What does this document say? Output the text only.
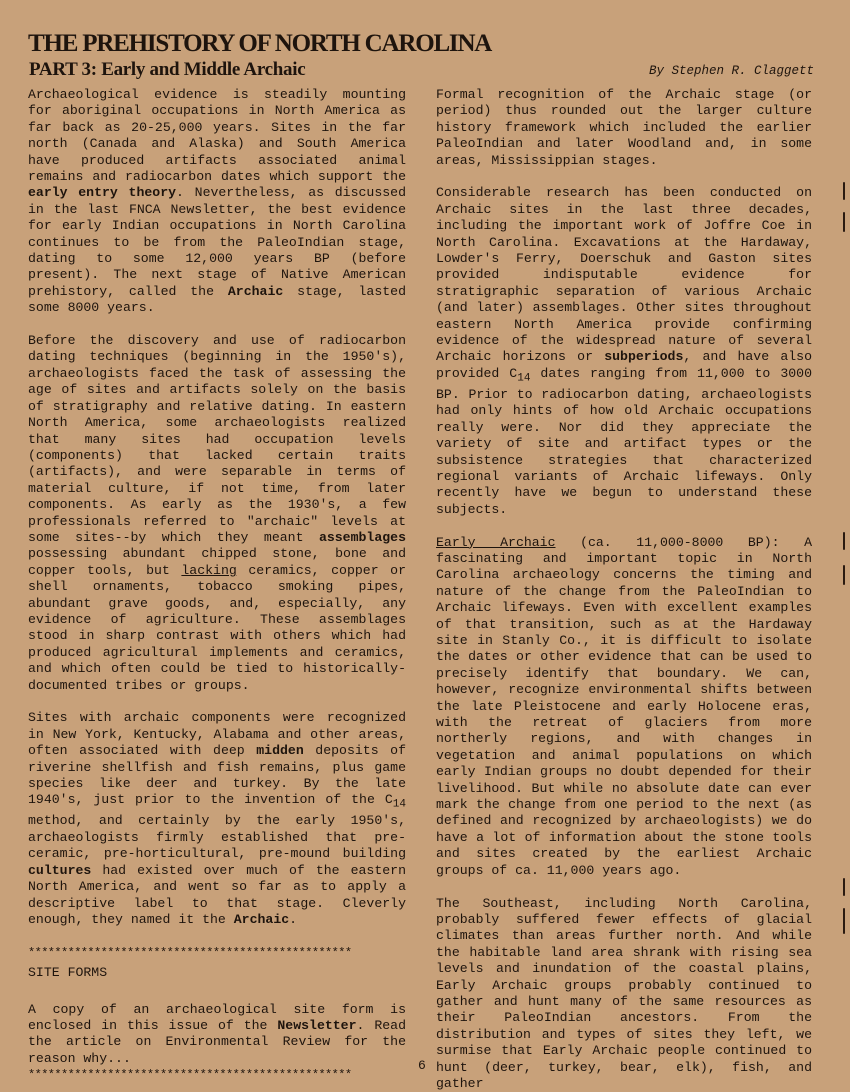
THE PREHISTORY OF NORTH CAROLINA
PART 3: Early and Middle Archaic	By Stephen R. Claggett

Archaeological evidence is steadily mounting for aboriginal occupations in North America as far back as 20-25,000 years. Sites in the far north (Canada and Alaska) and South America have produced artifacts associated animal remains and radiocarbon dates which support the early entry theory. Nevertheless, as discussed in the last FNCA Newsletter, the best evidence for early Indian occupations in North Carolina continues to be from the PaleoIndian stage, dating to some 12,000 years BP (before present). The next stage of Native American prehistory, called the Archaic stage, lasted some 8000 years.

Before the discovery and use of radiocarbon dating techniques (beginning in the 1950's), archaeologists faced the task of assessing the age of sites and artifacts solely on the basis of stratigraphy and relative dating. In eastern North America, some archaeologists realized that many sites had occupation levels (components) that lacked certain traits (artifacts), and were separable in terms of material culture, if not time, from later components. As early as the 1930's, a few professionals referred to "archaic" levels at some sites--by which they meant assemblages possessing abundant chipped stone, bone and copper tools, but lacking ceramics, copper or shell ornaments, tobacco smoking pipes, abundant grave goods, and, especially, any evidence of agriculture. These assemblages stood in sharp contrast with others which had produced agricultural implements and ceramics, and which often could be tied to historically-documented tribes or groups.

Sites with archaic components were recognized in New York, Kentucky, Alabama and other areas, often associated with deep midden deposits of riverine shellfish and fish remains, plus game species like deer and turkey. By the late 1940's, just prior to the invention of the $C_{14}$ method, and certainly by the early 1950's, archaeologists firmly established that pre-ceramic, pre-horticultural, pre-mound building cultures had existed over much of the eastern North America, and went so far as to apply a descriptive label to that stage. Cleverly enough, they named it the Archaic.

*************************************************
SITE FORMS

A copy of an archaeological site form is enclosed in this issue of the Newsletter. Read the article on Environmental Review for the reason why...

*************************************************

Formal recognition of the Archaic stage (or period) thus rounded out the larger culture history framework which included the earlier PaleoIndian and later Woodland and, in some areas, Mississippian stages.

Considerable research has been conducted on Archaic sites in the last three decades, including the important work of Joffre Coe in North Carolina. Excavations at the Hardaway, Lowder's Ferry, Doerschuk and Gaston sites provided indisputable evidence for stratigraphic separation of various Archaic (and later) assemblages. Other sites throughout eastern North America provide confirming evidence of the widespread nature of several Archaic horizons or subperiods, and have also provided $C_{14}$ dates ranging from 11,000 to 3000 BP. Prior to radiocarbon dating, archaeologists had only hints of how old Archaic occupations really were. Nor did they appreciate the variety of site and artifact types or the subsistence strategies that characterized regional variants of Archaic lifeways. Only recently have we begun to understand these subjects.

Early Archaic (ca. 11,000-8000 BP): A fascinating and important topic in North Carolina archaeology concerns the timing and nature of the change from the PaleoIndian to Archaic lifeways. Even with excellent examples of that transition, such as at the Hardaway site in Stanly Co., it is difficult to isolate the dates or other evidence that can be used to precisely identify that boundary. We can, however, recognize environmental shifts between the late Pleistocene and early Holocene eras, with the retreat of glaciers from more northerly regions, and with changes in vegetation and animal populations on which early Indian groups no doubt depended for their livelihood. But while no absolute date can ever mark the change from one period to the next (as defined and recognized by archaeologists) we do have a lot of information about the stone tools and sites created by the earliest Archaic groups of ca. 11,000 years ago.

The Southeast, including North Carolina, probably suffered fewer effects of glacial climates than areas further north. And while the habitable land area shrank with rising sea levels and inundation of the coastal plains, Early Archaic groups probably continued to gather and hunt many of the same resources as their PaleoIndian ancestors. From the distribution and types of sites they left, we surmise that Early Archaic people continued to hunt (deer, turkey, bear, elk), fish, and gather

6
